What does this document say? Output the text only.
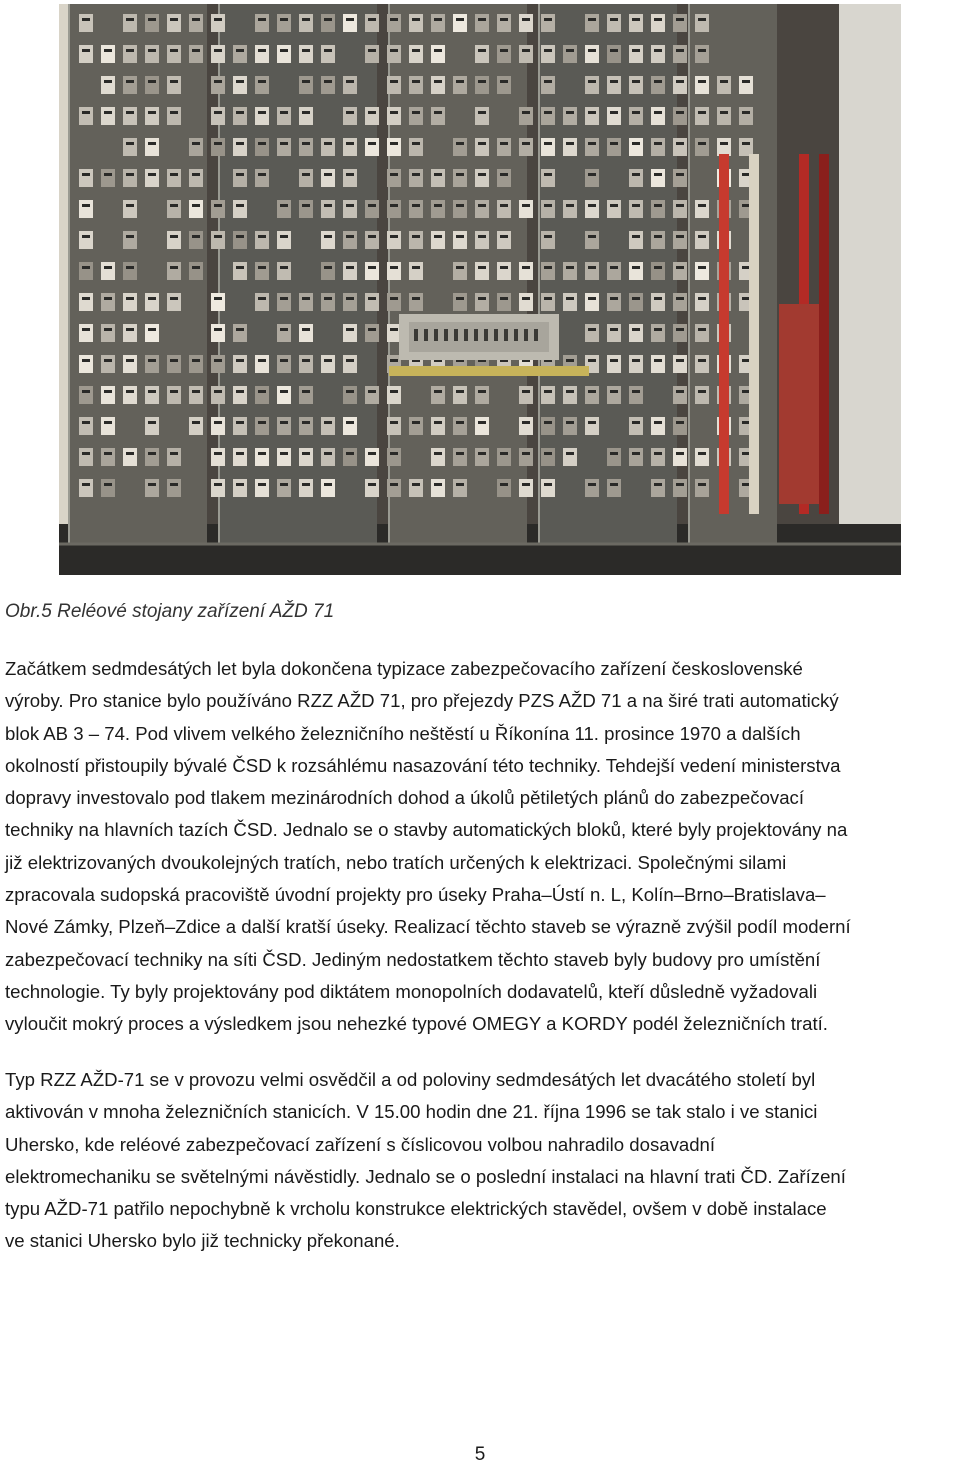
Obr.5 Reléové stojany zařízení AŽD 71

Začátkem sedmdesátých let byla dokončena typizace zabezpečovacího zařízení československé
výroby. Pro stanice bylo používáno RZZ AŽD 71, pro přejezdy PZS AŽD 71 a na širé trati automatický
blok AB 3 – 74. Pod vlivem velkého železničního neštěstí u Říkonína 11. prosince 1970 a dalších
okolností přistoupily bývalé ČSD k rozsáhlému nasazování této techniky. Tehdejší vedení ministerstva
dopravy investovalo pod tlakem mezinárodních dohod a úkolů pětiletých plánů do zabezpečovací
techniky na hlavních tazích ČSD. Jednalo se o stavby automatických bloků, které byly projektovány na
již elektrizovaných dvoukolejných tratích, nebo tratích určených k elektrizaci. Společnými silami
zpracovala sudopská pracoviště úvodní projekty pro úseky Praha–Ústí n. L, Kolín–Brno–Bratislava–
Nové Zámky, Plzeň–Zdice a další kratší úseky. Realizací těchto staveb se výrazně zvýšil podíl moderní
zabezpečovací techniky na síti ČSD. Jediným nedostatkem těchto staveb byly budovy pro umístění
technologie. Ty byly projektovány pod diktátem monopolních dodavatelů, kteří důsledně vyžadovali
vyloučit mokrý proces a výsledkem jsou nehezké typové OMEGY a KORDY podél železničních tratí.

Typ RZZ AŽD-71 se v provozu velmi osvědčil a od poloviny sedmdesátých let dvacátého století byl
aktivován v mnoha železničních stanicích. V 15.00 hodin dne 21. října 1996 se tak stalo i ve stanici
Uhersko, kde reléové zabezpečovací zařízení s číslicovou volbou nahradilo dosavadní
elektromechaniku se světelnými návěstidly. Jednalo se o poslední instalaci na hlavní trati ČD. Zařízení
typu AŽD-71 patřilo nepochybně k vrcholu konstrukce elektrických stavědel, ovšem v době instalace
ve stanici Uhersko bylo již technicky překonané.

5
